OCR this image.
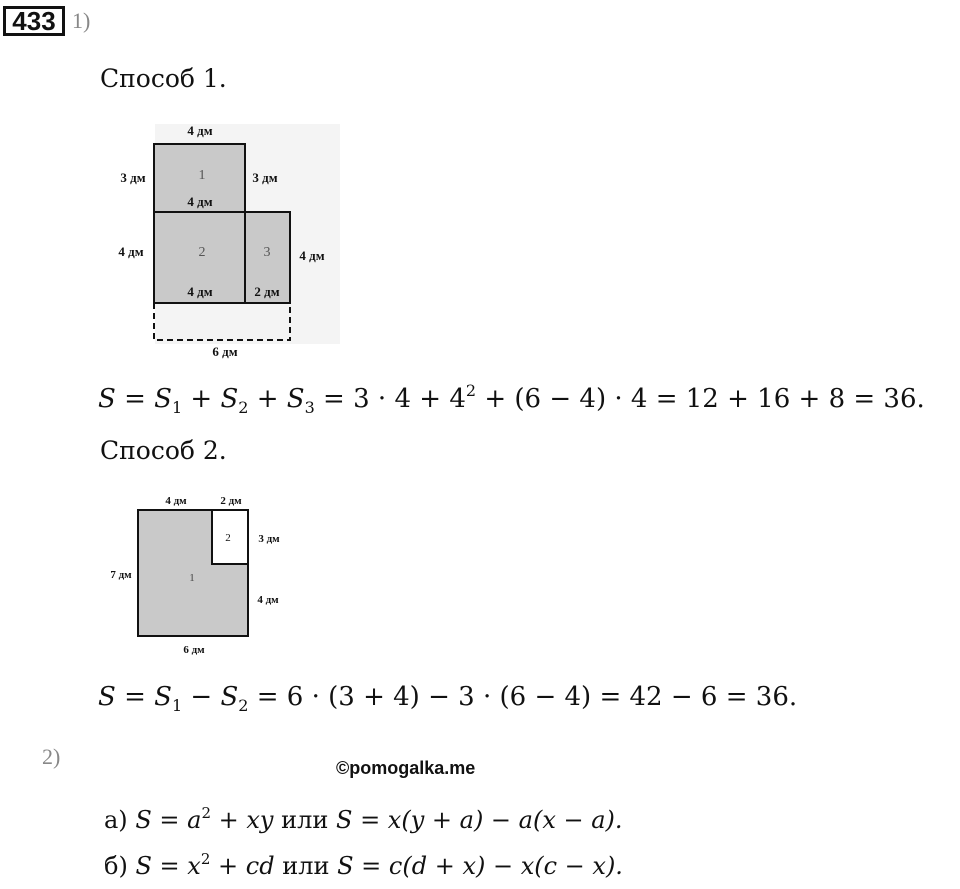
433 1)
Способ 1.
4 дм
3 дм	3 дм
1
4 дм
4 дм	2
4 дм
3 4 дм
2 дм
6 дм
$S = S_1 + S_2 + S_3 = 3 \cdot 4 + 4^2 + (6 - 4) \cdot 4 = 12 + 16 + 8 = 36$.
Способ 2.
4 дм	2 дм
2	3 дм
7 дм	1
4 дм
6 дм
$S = S_1 - S_2 = 6 \cdot (3 + 4) - 3 \cdot (6 - 4) = 42 - 6 = 36$.
2)	©pomogalka.me
а) $S = a^2$ + xy или S = x(y + a) − a(x − a).
б) $S = x^2$ + cd или S = c(d + x) − x(c − x).
